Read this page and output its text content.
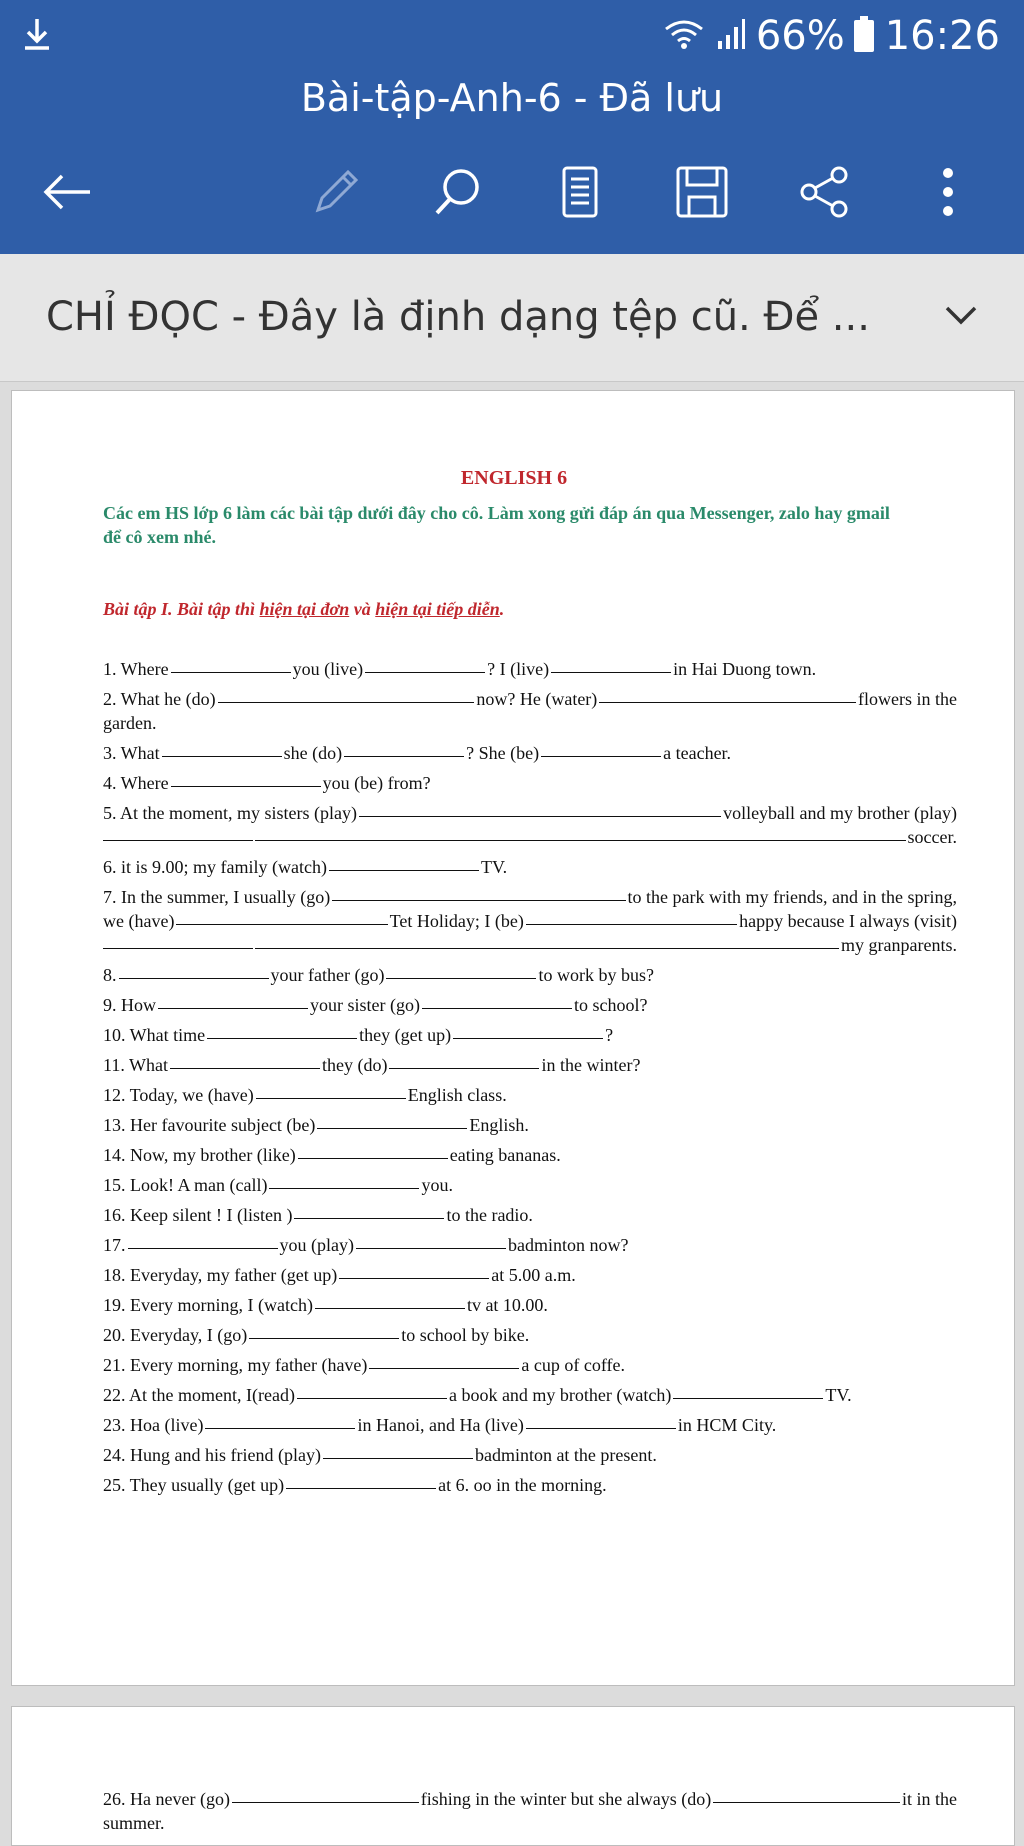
66% 16:26
Bài-tập-Anh-6 - Đã lưu
CHỈ ĐỌC - Đây là định dạng tệp cũ. Để ...
ENGLISH 6
Các em HS lớp 6 làm các bài tập dưới đây cho cô. Làm xong gửi đáp án qua Messenger, zalo hay gmail để cô xem nhé.
Bài tập I. Bài tập thì hiện tại đơn và hiện tại tiếp diễn.
1. Where	you (live)	? I (live)	in Hai Duong town.
2. What he (do)	now? He (water)	flowers in the
garden.
3. What	she (do)	? She (be)	a teacher.
4. Where	you (be) from?
5. At the moment, my sisters (play)	volleyball and my brother (play)
soccer.
6. it is 9.00; my family (watch)	TV.
7. In the summer, I usually (go)	to the park with my friends, and in the spring,
we (have)	Tet Holiday; I (be)	happy because I always (visit)
my granparents.
8.	your father (go)	to work by bus?
9. How	your sister (go)	to school?
10. What time	they (get up)	?
11. What	they (do)	in the winter?
12. Today, we (have)	English class.
13. Her favourite subject (be)	English.
14. Now, my brother (like)	eating bananas.
15. Look! A man (call)	you.
16. Keep silent ! I (listen )	to the radio.
17.	you (play)	badminton now?
18. Everyday, my father (get up)	at 5.00 a.m.
19. Every morning, I (watch)	tv at 10.00.
20. Everyday, I (go)	to school by bike.
21. Every morning, my father (have)	a cup of coffe.
22. At the moment, I(read)	a book and my brother (watch)	TV.
23. Hoa (live)	in Hanoi, and Ha (live)	in HCM City.
24. Hung and his friend (play)	badminton at the present.
25. They usually (get up)	at 6. oo in the morning.
26. Ha never (go)	fishing in the winter but she always (do)	it in the
summer.
